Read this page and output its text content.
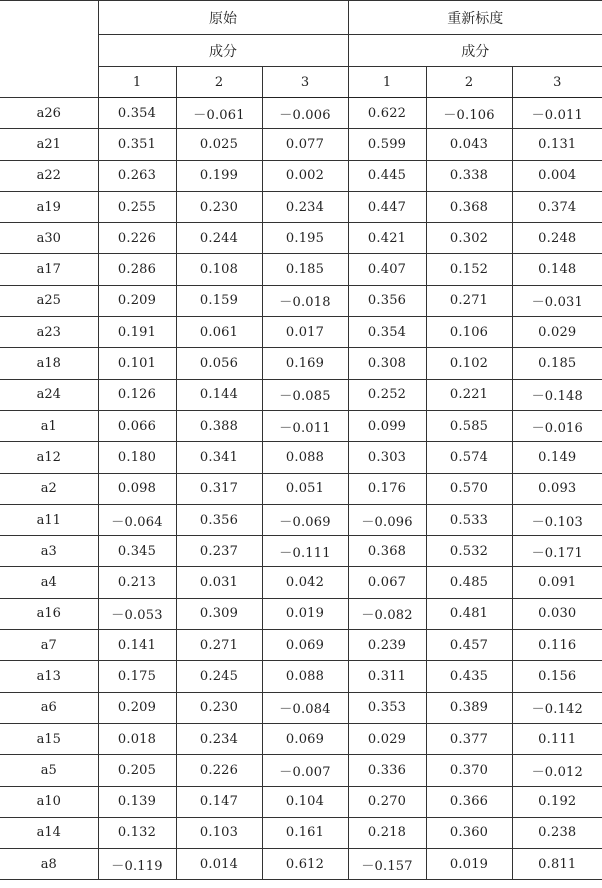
	原始			重新标度		
	成分			成分		
	1	2	3	1	2	3
a26	0.354	－0.061	－0.006	0.622	－0.106	－0.011
a21	0.351	0.025	0.077	0.599	0.043	0.131
a22	0.263	0.199	0.002	0.445	0.338	0.004
a19	0.255	0.230	0.234	0.447	0.368	0.374
a30	0.226	0.244	0.195	0.421	0.302	0.248
a17	0.286	0.108	0.185	0.407	0.152	0.148
a25	0.209	0.159	－0.018	0.356	0.271	－0.031
a23	0.191	0.061	0.017	0.354	0.106	0.029
a18	0.101	0.056	0.169	0.308	0.102	0.185
a24	0.126	0.144	－0.085	0.252	0.221	－0.148
a1	0.066	0.388	－0.011	0.099	0.585	－0.016
a12	0.180	0.341	0.088	0.303	0.574	0.149
a2	0.098	0.317	0.051	0.176	0.570	0.093
a11	－0.064	0.356	－0.069	－0.096	0.533	－0.103
a3	0.345	0.237	－0.111	0.368	0.532	－0.171
a4	0.213	0.031	0.042	0.067	0.485	0.091
a16	－0.053	0.309	0.019	－0.082	0.481	0.030
a7	0.141	0.271	0.069	0.239	0.457	0.116
a13	0.175	0.245	0.088	0.311	0.435	0.156
a6	0.209	0.230	－0.084	0.353	0.389	－0.142
a15	0.018	0.234	0.069	0.029	0.377	0.111
a5	0.205	0.226	－0.007	0.336	0.370	－0.012
a10	0.139	0.147	0.104	0.270	0.366	0.192
a14	0.132	0.103	0.161	0.218	0.360	0.238
a8	－0.119	0.014	0.612	－0.157	0.019	0.811
